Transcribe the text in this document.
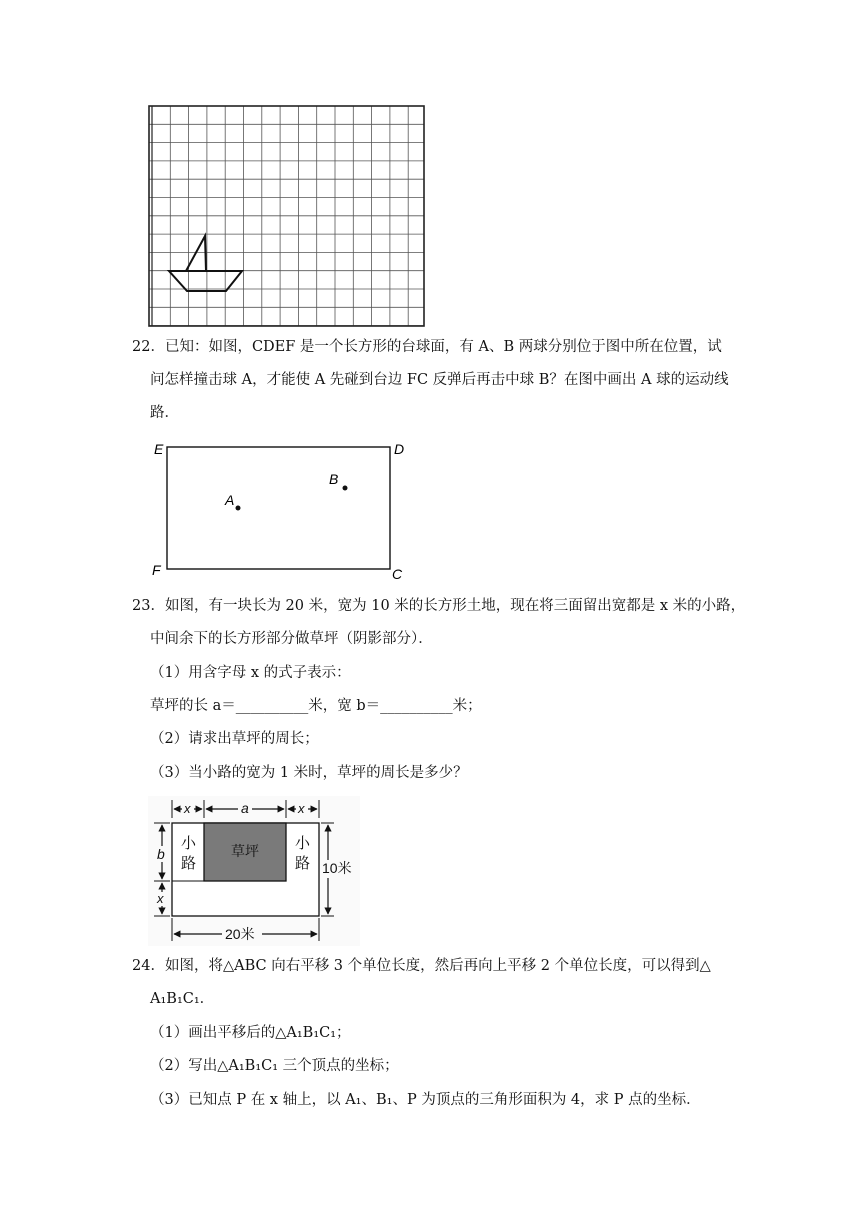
22．已知：如图，CDEF 是一个长方形的台球面，有 A、B 两球分别位于图中所在位置，试
问怎样撞击球 A，才能使 A 先碰到台边 FC 反弹后再击中球 B？在图中画出 A 球的运动线
路．
E	D
F	C
A
B
23．如图，有一块长为 20 米，宽为 10 米的长方形土地，现在将三面留出宽都是 x 米的小路，
中间余下的长方形部分做草坪（阴影部分）．
（1）用含字母 x 的式子表示：
草坪的长 a＝__________米，宽 b＝__________米；
（2）请求出草坪的周长；
（3）当小路的宽为 1 米时，草坪的周长是多少？
草坪
小
路
小
路
x	a	x
b
x
10米
20米
24．如图，将△ABC 向右平移 3 个单位长度，然后再向上平移 2 个单位长度，可以得到△
A₁B₁C₁．
（1）画出平移后的△A₁B₁C₁；
（2）写出△A₁B₁C₁ 三个顶点的坐标；
（3）已知点 P 在 x 轴上，以 A₁、B₁、P 为顶点的三角形面积为 4，求 P 点的坐标．
